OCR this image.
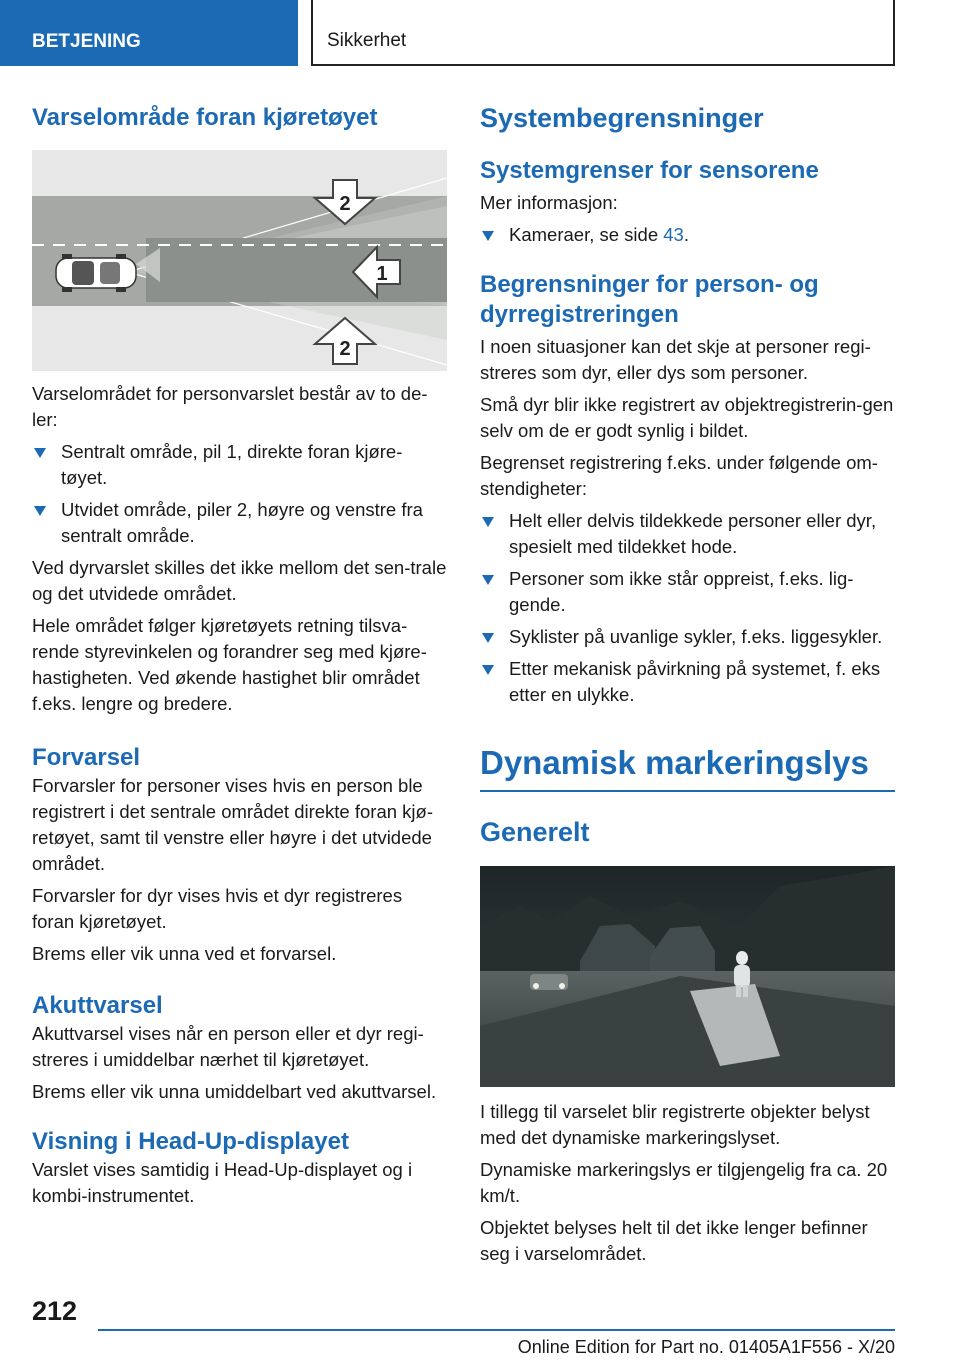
BETJENING	Sikkerhet
Varselområde foran kjøretøyet
2
1
2

Varselområdet for personvarslet består av to de‐ler:

Sentralt område, pil 1, direkte foran kjøre‐tøyet.
Utvidet område, piler 2, høyre og venstre fra sentralt område.

Ved dyrvarslet skilles det ikke mellom det sen‐trale og det utvidede området.

Hele området følger kjøretøyets retning tilsva‐rende styrevinkelen og forandrer seg med kjøre‐hastigheten. Ved økende hastighet blir området f.eks. lengre og bredere.

Forvarsel

Forvarsler for personer vises hvis en person ble registrert i det sentrale området direkte foran kjø‐retøyet, samt til venstre eller høyre i det utvidede området.

Forvarsler for dyr vises hvis et dyr registreres foran kjøretøyet.

Brems eller vik unna ved et forvarsel.

Akuttvarsel

Akuttvarsel vises når en person eller et dyr regi‐streres i umiddelbar nærhet til kjøretøyet.

Brems eller vik unna umiddelbart ved akuttvarsel.

Visning i Head-Up-displayet

Varslet vises samtidig i Head-Up-displayet og i kombi-instrumentet.

Systembegrensninger
Systemgrenser for sensorene

Mer informasjon:

Kameraer, se side 43.
Begrensninger for person- og dyrregistreringen

I noen situasjoner kan det skje at personer regi‐streres som dyr, eller dys som personer.

Små dyr blir ikke registrert av objektregistrerin‐gen selv om de er godt synlig i bildet.

Begrenset registrering f.eks. under følgende om‐stendigheter:

Helt eller delvis tildekkede personer eller dyr, spesielt med tildekket hode.
Personer som ikke står oppreist, f.eks. lig‐gende.
Syklister på uvanlige sykler, f.eks. liggesykler.
Etter mekanisk påvirkning på systemet, f. eks etter en ulykke.
Dynamisk markeringslys
Generelt

I tillegg til varselet blir registrerte objekter belyst med det dynamiske markeringslyset.

Dynamiske markeringslys er tilgjengelig fra ca. 20 km/t.

Objektet belyses helt til det ikke lenger befinner seg i varselområdet.

212
Online Edition for Part no. 01405A1F556 - X/20
